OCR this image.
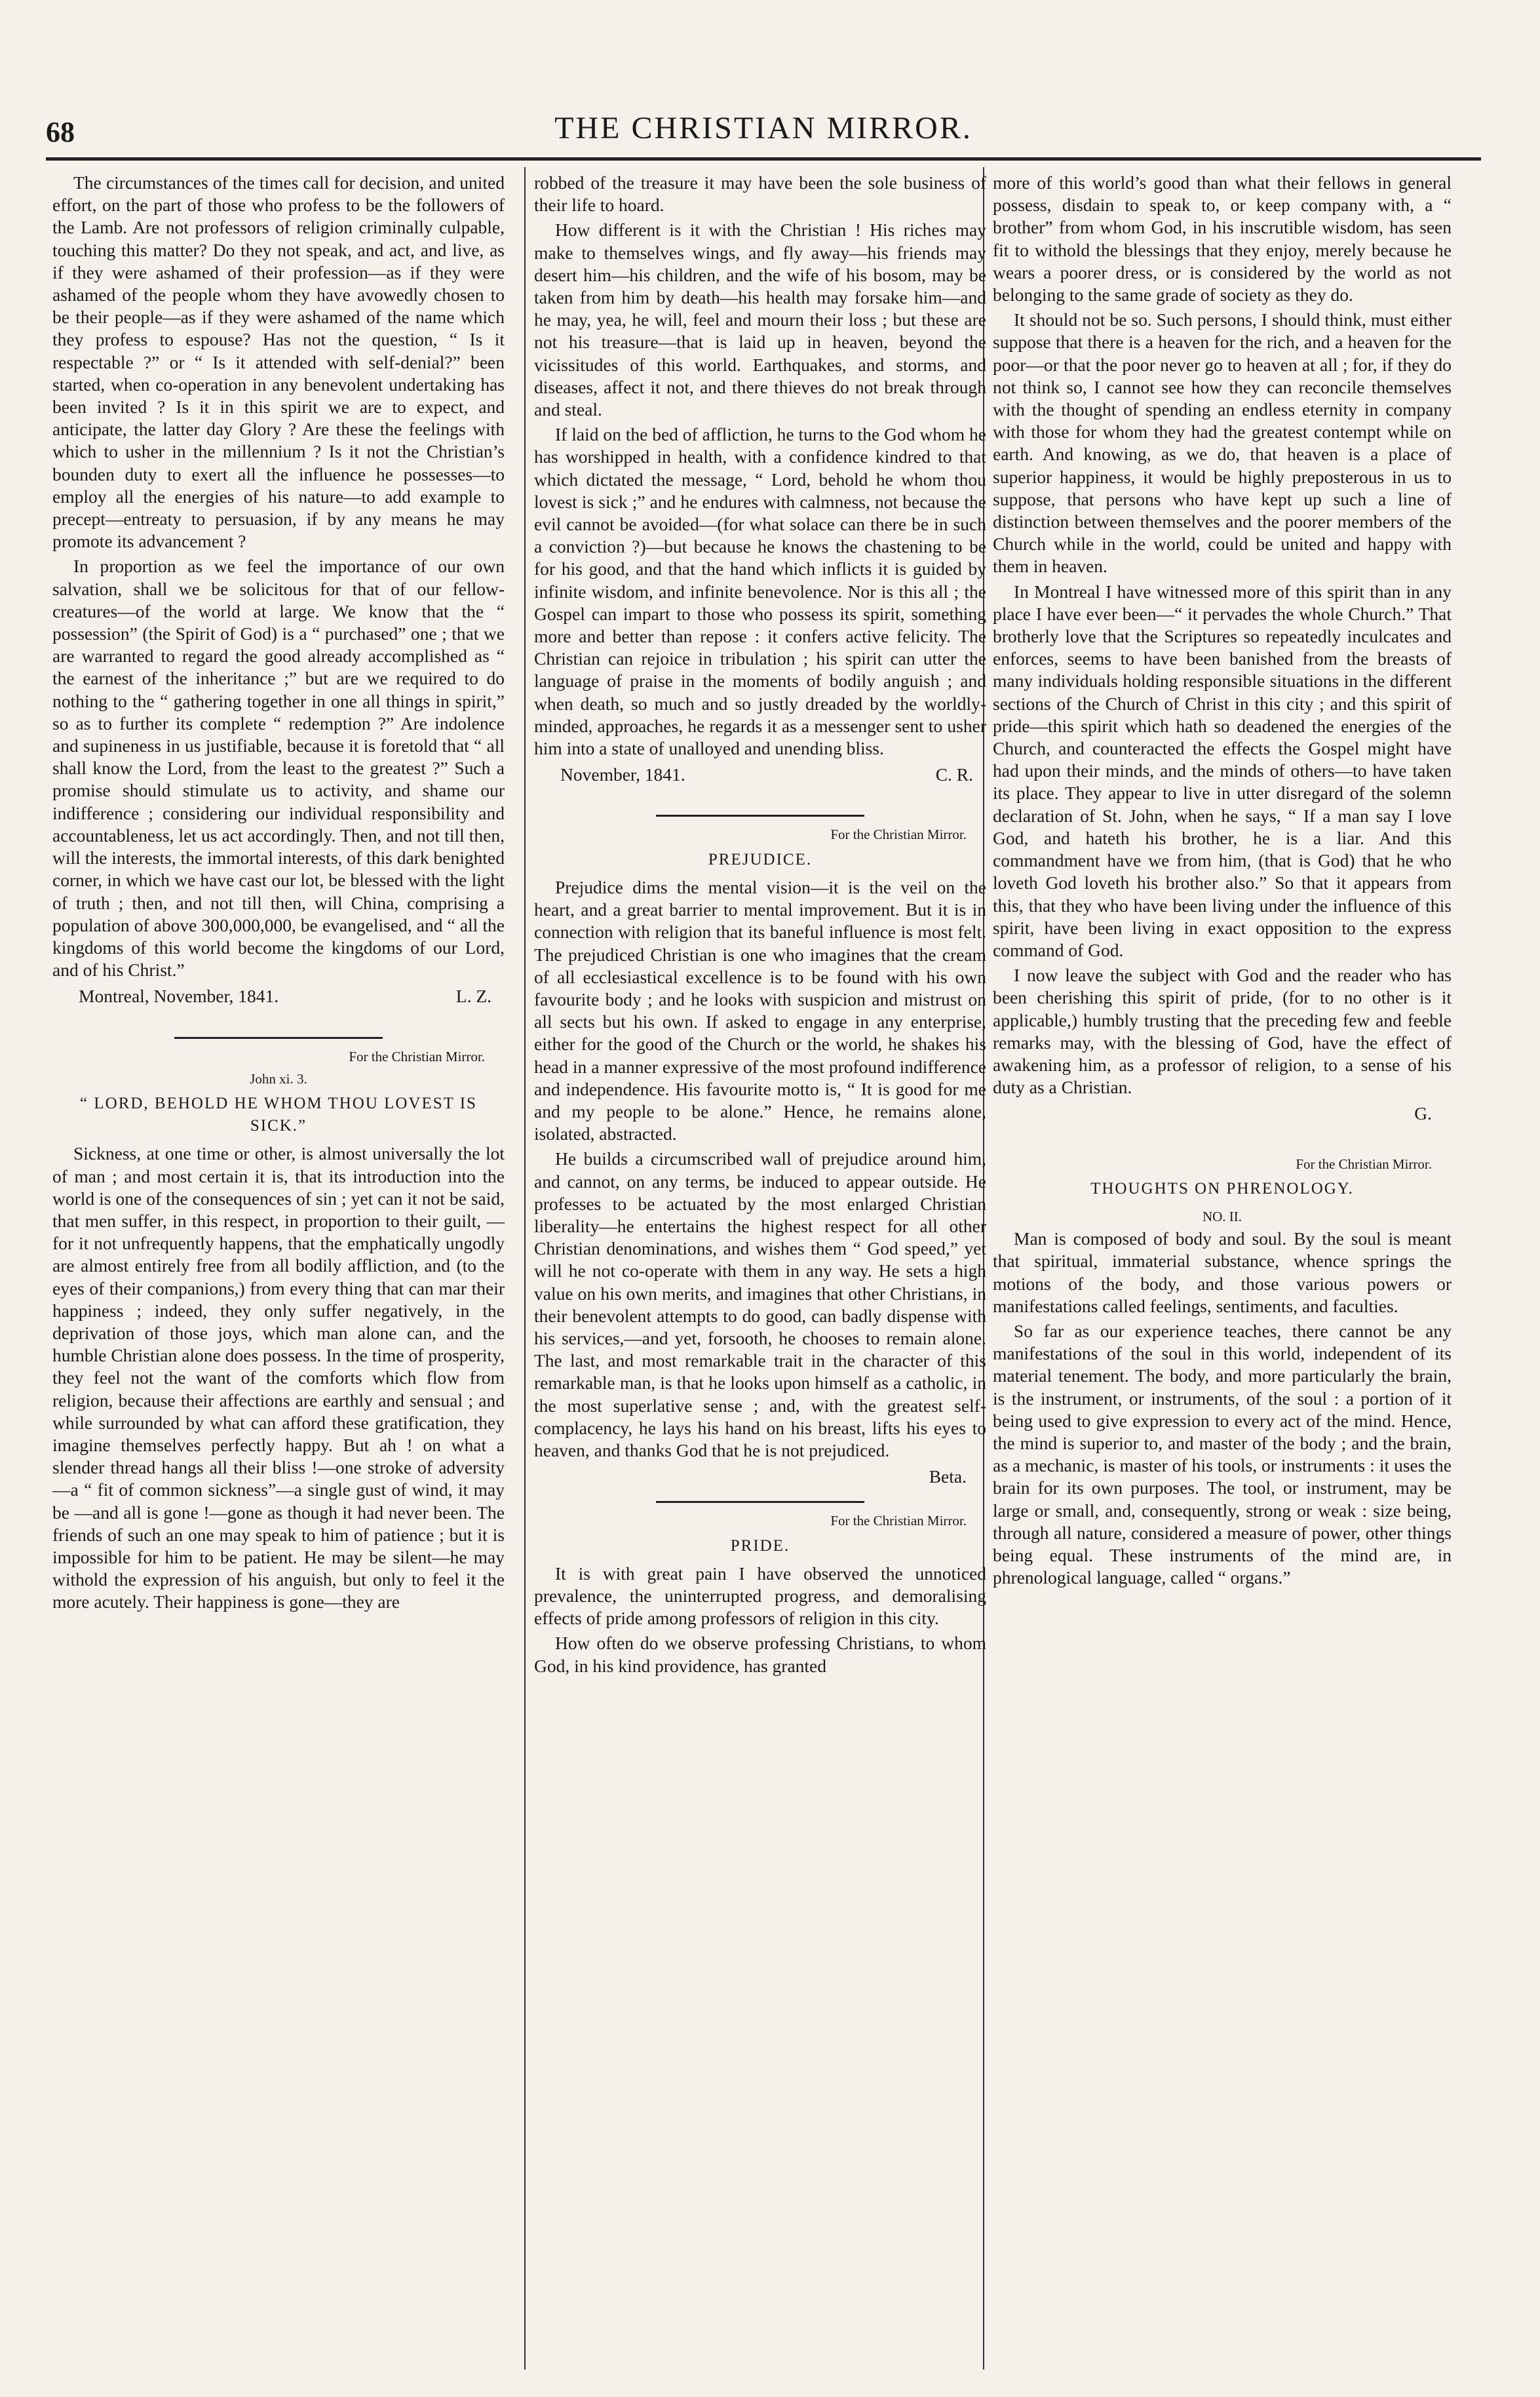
68	THE CHRISTIAN MIRROR.

The circumstances of the times call for decision, and united effort, on the part of those who profess to be the followers of the Lamb. Are not professors of religion criminally culpable, touching this matter? Do they not speak, and act, and live, as if they were ashamed of their profession—as if they were ashamed of the people whom they have avowedly chosen to be their people—as if they were ashamed of the name which they profess to espouse? Has not the question, “ Is it respectable ?” or “ Is it attended with self-denial?” been started, when co-operation in any benevolent undertaking has been invited ? Is it in this spirit we are to expect, and anticipate, the latter day Glory ? Are these the feelings with which to usher in the millennium ? Is it not the Christian’s bounden duty to exert all the influence he possesses—to employ all the energies of his nature—to add example to precept—entreaty to persuasion, if by any means he may promote its advancement ?

In proportion as we feel the importance of our own salvation, shall we be solicitous for that of our fellow-creatures—of the world at large. We know that the “ possession” (the Spirit of God) is a “ purchased” one ; that we are warranted to regard the good already accomplished as “ the earnest of the inheritance ;” but are we required to do nothing to the “ gathering together in one all things in spirit,” so as to further its complete “ redemption ?” Are indolence and supineness in us justifiable, because it is foretold that “ all shall know the Lord, from the least to the greatest ?” Such a promise should stimulate us to activity, and shame our indifference ; considering our individual responsibility and accountableness, let us act accordingly. Then, and not till then, will the interests, the immortal interests, of this dark benighted corner, in which we have cast our lot, be blessed with the light of truth ; then, and not till then, will China, comprising a population of above 300,000,000, be evangelised, and “ all the kingdoms of this world become the kingdoms of our Lord, and of his Christ.”

Montreal, November, 1841.	L. Z.
For the Christian Mirror.
John xi. 3.
“ LORD, BEHOLD HE WHOM THOU LOVEST IS SICK.”

Sickness, at one time or other, is almost universally the lot of man ; and most certain it is, that its introduction into the world is one of the consequences of sin ; yet can it not be said, that men suffer, in this respect, in proportion to their guilt, —for it not unfrequently happens, that the emphatically ungodly are almost entirely free from all bodily affliction, and (to the eyes of their companions,) from every thing that can mar their happiness ; indeed, they only suffer negatively, in the deprivation of those joys, which man alone can, and the humble Christian alone does possess. In the time of prosperity, they feel not the want of the comforts which flow from religion, because their affections are earthly and sensual ; and while surrounded by what can afford these gratification, they imagine themselves perfectly happy. But ah ! on what a slender thread hangs all their bliss !—one stroke of adversity—a “ fit of common sickness”—a single gust of wind, it may be —and all is gone !—gone as though it had never been. The friends of such an one may speak to him of patience ; but it is impossible for him to be patient. He may be silent—he may withold the expression of his anguish, but only to feel it the more acutely. Their happiness is gone—they are

robbed of the treasure it may have been the sole business of their life to hoard.

How different is it with the Christian ! His riches may make to themselves wings, and fly away—his friends may desert him—his children, and the wife of his bosom, may be taken from him by death—his health may forsake him—and he may, yea, he will, feel and mourn their loss ; but these are not his treasure—that is laid up in heaven, beyond the vicissitudes of this world. Earthquakes, and storms, and diseases, affect it not, and there thieves do not break through and steal.

If laid on the bed of affliction, he turns to the God whom he has worshipped in health, with a confidence kindred to that which dictated the message, “ Lord, behold he whom thou lovest is sick ;” and he endures with calmness, not because the evil cannot be avoided—(for what solace can there be in such a conviction ?)—but because he knows the chastening to be for his good, and that the hand which inflicts it is guided by infinite wisdom, and infinite benevolence. Nor is this all ; the Gospel can impart to those who possess its spirit, something more and better than repose : it confers active felicity. The Christian can rejoice in tribulation ; his spirit can utter the language of praise in the moments of bodily anguish ; and when death, so much and so justly dreaded by the worldly-minded, approaches, he regards it as a messenger sent to usher him into a state of unalloyed and unending bliss.

November, 1841.	C. R.
For the Christian Mirror.
PREJUDICE.

Prejudice dims the mental vision—it is the veil on the heart, and a great barrier to mental improvement. But it is in connection with religion that its baneful influence is most felt. The prejudiced Christian is one who imagines that the cream of all ecclesiastical excellence is to be found with his own favourite body ; and he looks with suspicion and mistrust on all sects but his own. If asked to engage in any enterprise, either for the good of the Church or the world, he shakes his head in a manner expressive of the most profound indifference and independence. His favourite motto is, “ It is good for me and my people to be alone.” Hence, he remains alone, isolated, abstracted.

He builds a circumscribed wall of prejudice around him, and cannot, on any terms, be induced to appear outside. He professes to be actuated by the most enlarged Christian liberality—he entertains the highest respect for all other Christian denominations, and wishes them “ God speed,” yet will he not co-operate with them in any way. He sets a high value on his own merits, and imagines that other Christians, in their benevolent attempts to do good, can badly dispense with his services,—and yet, forsooth, he chooses to remain alone. The last, and most remarkable trait in the character of this remarkable man, is that he looks upon himself as a catholic, in the most superlative sense ; and, with the greatest self-complacency, he lays his hand on his breast, lifts his eyes to heaven, and thanks God that he is not prejudiced.

Beta.
For the Christian Mirror.
PRIDE.

It is with great pain I have observed the unnoticed prevalence, the uninterrupted progress, and demoralising effects of pride among professors of religion in this city.

How often do we observe professing Christians, to whom God, in his kind providence, has granted

more of this world’s good than what their fellows in general possess, disdain to speak to, or keep company with, a “ brother” from whom God, in his inscrutible wisdom, has seen fit to withold the blessings that they enjoy, merely because he wears a poorer dress, or is considered by the world as not belonging to the same grade of society as they do.

It should not be so. Such persons, I should think, must either suppose that there is a heaven for the rich, and a heaven for the poor—or that the poor never go to heaven at all ; for, if they do not think so, I cannot see how they can reconcile themselves with the thought of spending an endless eternity in company with those for whom they had the greatest contempt while on earth. And knowing, as we do, that heaven is a place of superior happiness, it would be highly preposterous in us to suppose, that persons who have kept up such a line of distinction between themselves and the poorer members of the Church while in the world, could be united and happy with them in heaven.

In Montreal I have witnessed more of this spirit than in any place I have ever been—“ it pervades the whole Church.” That brotherly love that the Scriptures so repeatedly inculcates and enforces, seems to have been banished from the breasts of many individuals holding responsible situations in the different sections of the Church of Christ in this city ; and this spirit of pride—this spirit which hath so deadened the energies of the Church, and counteracted the effects the Gospel might have had upon their minds, and the minds of others—to have taken its place. They appear to live in utter disregard of the solemn declaration of St. John, when he says, “ If a man say I love God, and hateth his brother, he is a liar. And this commandment have we from him, (that is God) that he who loveth God loveth his brother also.” So that it appears from this, that they who have been living under the influence of this spirit, have been living in exact opposition to the express command of God.

I now leave the subject with God and the reader who has been cherishing this spirit of pride, (for to no other is it applicable,) humbly trusting that the preceding few and feeble remarks may, with the blessing of God, have the effect of awakening him, as a professor of religion, to a sense of his duty as a Christian.

G.
For the Christian Mirror.
THOUGHTS ON PHRENOLOGY.
NO. II.

Man is composed of body and soul. By the soul is meant that spiritual, immaterial substance, whence springs the motions of the body, and those various powers or manifestations called feelings, sentiments, and faculties.

So far as our experience teaches, there cannot be any manifestations of the soul in this world, independent of its material tenement. The body, and more particularly the brain, is the instrument, or instruments, of the soul : a portion of it being used to give expression to every act of the mind. Hence, the mind is superior to, and master of the body ; and the brain, as a mechanic, is master of his tools, or instruments : it uses the brain for its own purposes. The tool, or instrument, may be large or small, and, consequently, strong or weak : size being, through all nature, considered a measure of power, other things being equal. These instruments of the mind are, in phrenological language, called “ organs.”
